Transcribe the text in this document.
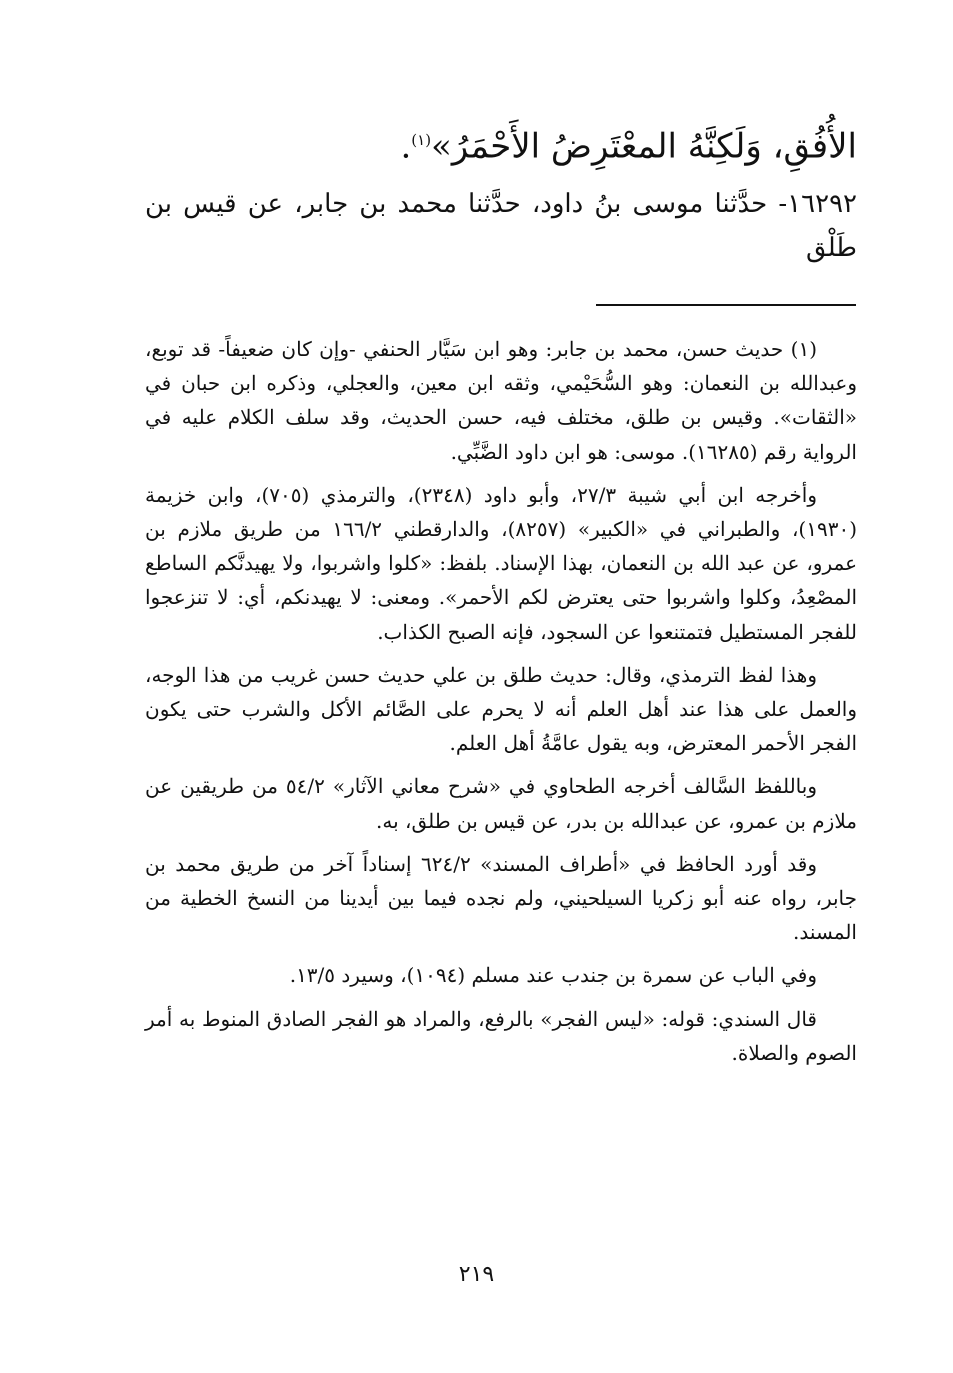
الأُفُقِ، وَلَكِنَّهُ المعْتَرِضُ الأَحْمَرُ»$^{(١)}$.

١٦٢٩٢- حدَّثنا موسى بنُ داود، حدَّثنا محمد بن جابر، عن قيس بن طَلْق

(١) حديث حسن، محمد بن جابر: وهو ابن سَيَّار الحنفي -وإن كان ضعيفاً- قد توبع، وعبدالله بن النعمان: وهو السُّحَيْمي، وثقه ابن معين، والعجلي، وذكره ابن حبان في «الثقات». وقيس بن طلق، مختلف فيه، حسن الحديث، وقد سلف الكلام عليه في الرواية رقم (١٦٢٨٥). موسى: هو ابن داود الضَّبِّي.

وأخرجه ابن أبي شيبة ٢٧/٣، وأبو داود (٢٣٤٨)، والترمذي (٧٠٥)، وابن خزيمة (١٩٣٠)، والطبراني في «الكبير» (٨٢٥٧)، والدارقطني ١٦٦/٢ من طريق ملازم بن عمرو، عن عبد الله بن النعمان، بهذا الإسناد. بلفظ: «كلوا واشربوا، ولا يهيدنَّكم الساطع المصْعِدُ، وكلوا واشربوا حتى يعترض لكم الأحمر». ومعنى: لا يهيدنكم، أي: لا تنزعجوا للفجر المستطيل فتمتنعوا عن السجود، فإنه الصبح الكذاب.

وهذا لفظ الترمذي، وقال: حديث طلق بن علي حديث حسن غريب من هذا الوجه، والعمل على هذا عند أهل العلم أنه لا يحرم على الصَّائم الأكل والشرب حتى يكون الفجر الأحمر المعترض، وبه يقول عامَّةُ أهل العلم.

وباللفظ السَّالف أخرجه الطحاوي في «شرح معاني الآثار» ٥٤/٢ من طريقين عن ملازم بن عمرو، عن عبدالله بن بدر، عن قيس بن طلق، به.

وقد أورد الحافظ في «أطراف المسند» ٦٢٤/٢ إسناداً آخر من طريق محمد بن جابر، رواه عنه أبو زكريا السيلحيني، ولم نجده فيما بين أيدينا من النسخ الخطية من المسند.

وفي الباب عن سمرة بن جندب عند مسلم (١٠٩٤)، وسيرد ١٣/٥.

قال السندي: قوله: «ليس الفجر» بالرفع، والمراد هو الفجر الصادق المنوط به أمر الصوم والصلاة.

٢١٩
